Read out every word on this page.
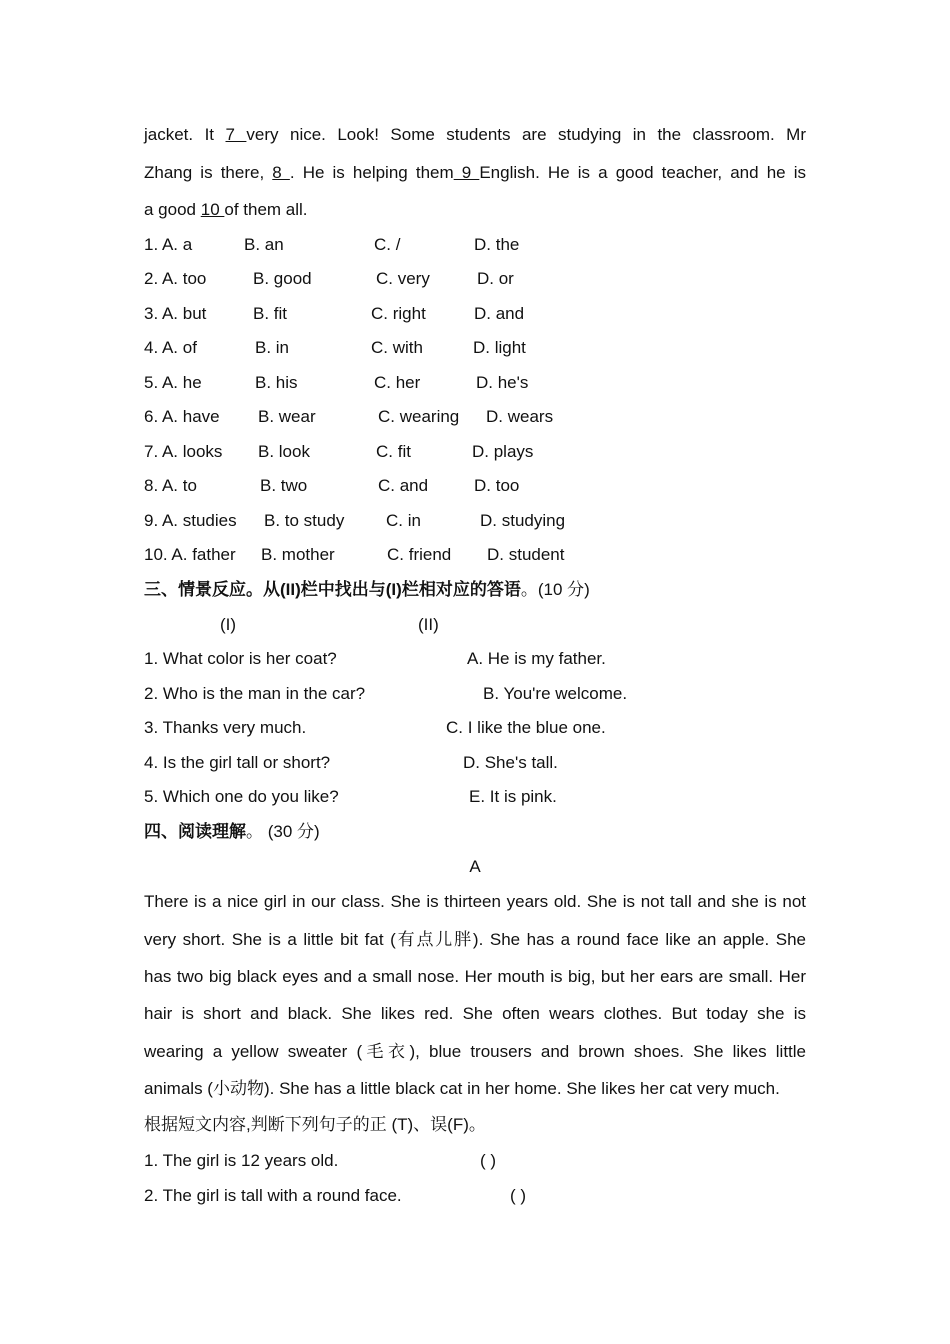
jacket. It 7 very nice. Look! Some students are studying in the classroom. Mr
Zhang is there, 8 . He is helping them 9 English. He is a good teacher, and he is
a good 10 of them all.
1. A. a	B. an	C. /	D. the
2. A. too	B. good	C. very	D. or
3. A. but	B. fit	C. right	D. and
4. A. of	B. in	C. with	D. light
5. A. he	B. his	C. her	D. he's
6. A. have B. wear	C. wearing D. wears
7. A. looks B. look	C. fit	D. plays
8. A. to	B. two	C. and	D. too
9. A. studies B. to study C. in	D. studying
10. A. father B. mother	C. friend D. student
三、情景反应。从(II)栏中找出与(I)栏相对应的答语。(10 分)
(I)	(II)
1. What color is her coat?	A. He is my father.
2. Who is the man in the car?	B. You're welcome.
3. Thanks very much.	C. I like the blue one.
4. Is the girl tall or short?	D. She's tall.
5. Which one do you like?	E. It is pink.
四、阅读理解。 (30 分)
A
There is a nice girl in our class. She is thirteen years old. She is not tall and she is not
very short. She is a little bit fat (有点儿胖). She has a round face like an apple. She
has two big black eyes and a small nose. Her mouth is big, but her ears are small. Her
hair is short and black. She likes red. She often wears clothes. But today she is
wearing a yellow sweater (毛衣), blue trousers and brown shoes. She likes little
animals (小动物). She has a little black cat in her home. She likes her cat very much.
根据短文内容,判断下列句子的正 (T)、误(F)。
1. The girl is 12 years old.	( )
2. The girl is tall with a round face.	( )
